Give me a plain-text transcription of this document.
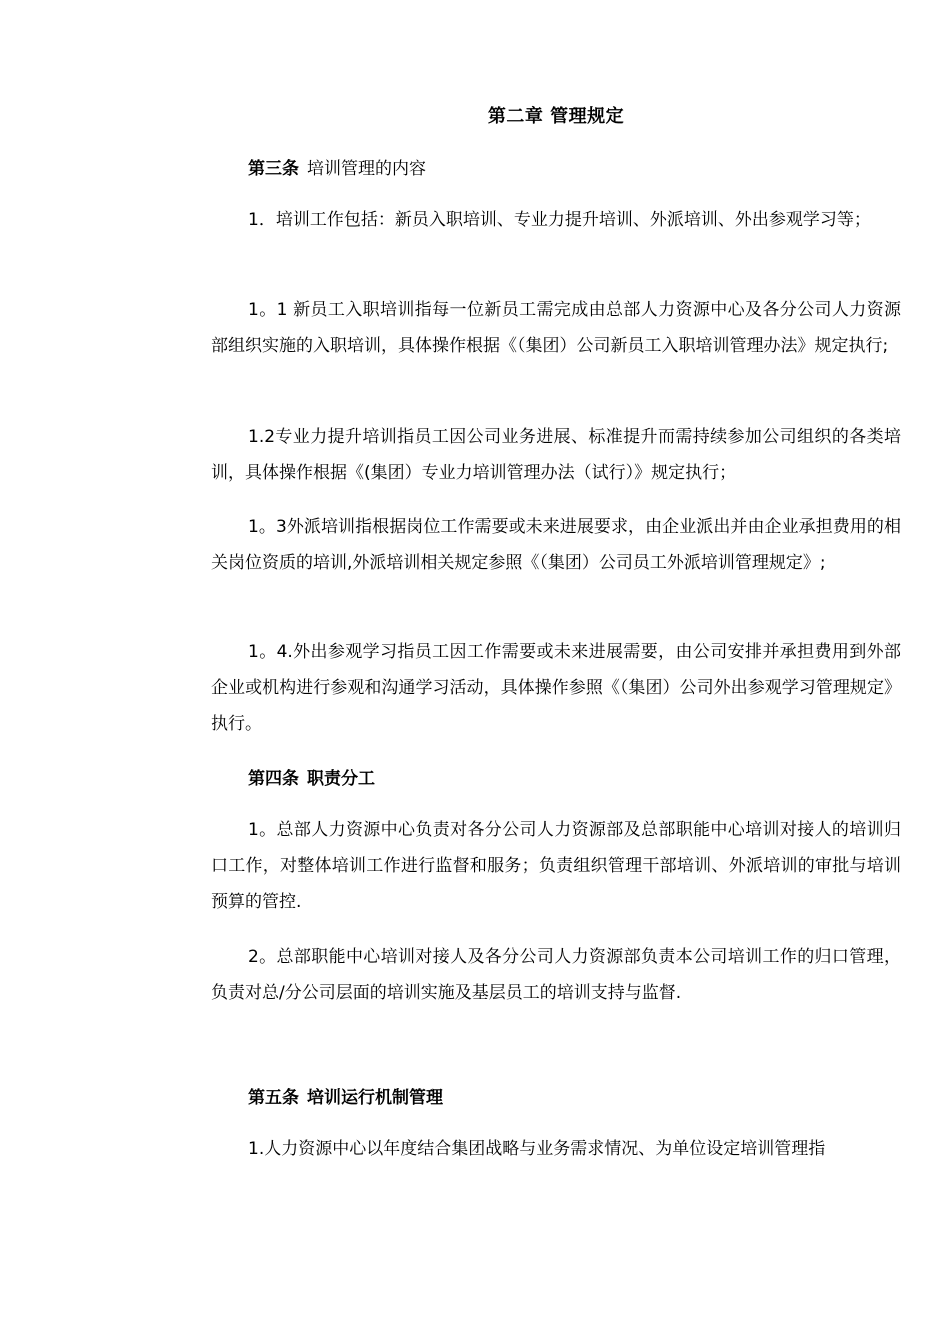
第二章 管理规定
第三条 培训管理的内容

1．培训工作包括：新员入职培训、专业力提升培训、外派培训、外出参观学习等；

1。1 新员工入职培训指每一位新员工需完成由总部人力资源中心及各分公司人力资源部组织实施的入职培训，具体操作根据《（集团）公司新员工入职培训管理办法》规定执行;

1.2专业力提升培训指员工因公司业务进展、标准提升而需持续参加公司组织的各类培训，具体操作根据《(集团）专业力培训管理办法（试行）》规定执行；

1。3外派培训指根据岗位工作需要或未来进展要求，由企业派出并由企业承担费用的相关岗位资质的培训,外派培训相关规定参照《（集团）公司员工外派培训管理规定》;

1。4.外出参观学习指员工因工作需要或未来进展需要，由公司安排并承担费用到外部企业或机构进行参观和沟通学习活动，具体操作参照《（集团）公司外出参观学习管理规定》执行。

第四条 职责分工

1。总部人力资源中心负责对各分公司人力资源部及总部职能中心培训对接人的培训归口工作，对整体培训工作进行监督和服务；负责组织管理干部培训、外派培训的审批与培训预算的管控.

2。总部职能中心培训对接人及各分公司人力资源部负责本公司培训工作的归口管理，负责对总/分公司层面的培训实施及基层员工的培训支持与监督.

第五条 培训运行机制管理

1.人力资源中心以年度结合集团战略与业务需求情况、为单位设定培训管理指
